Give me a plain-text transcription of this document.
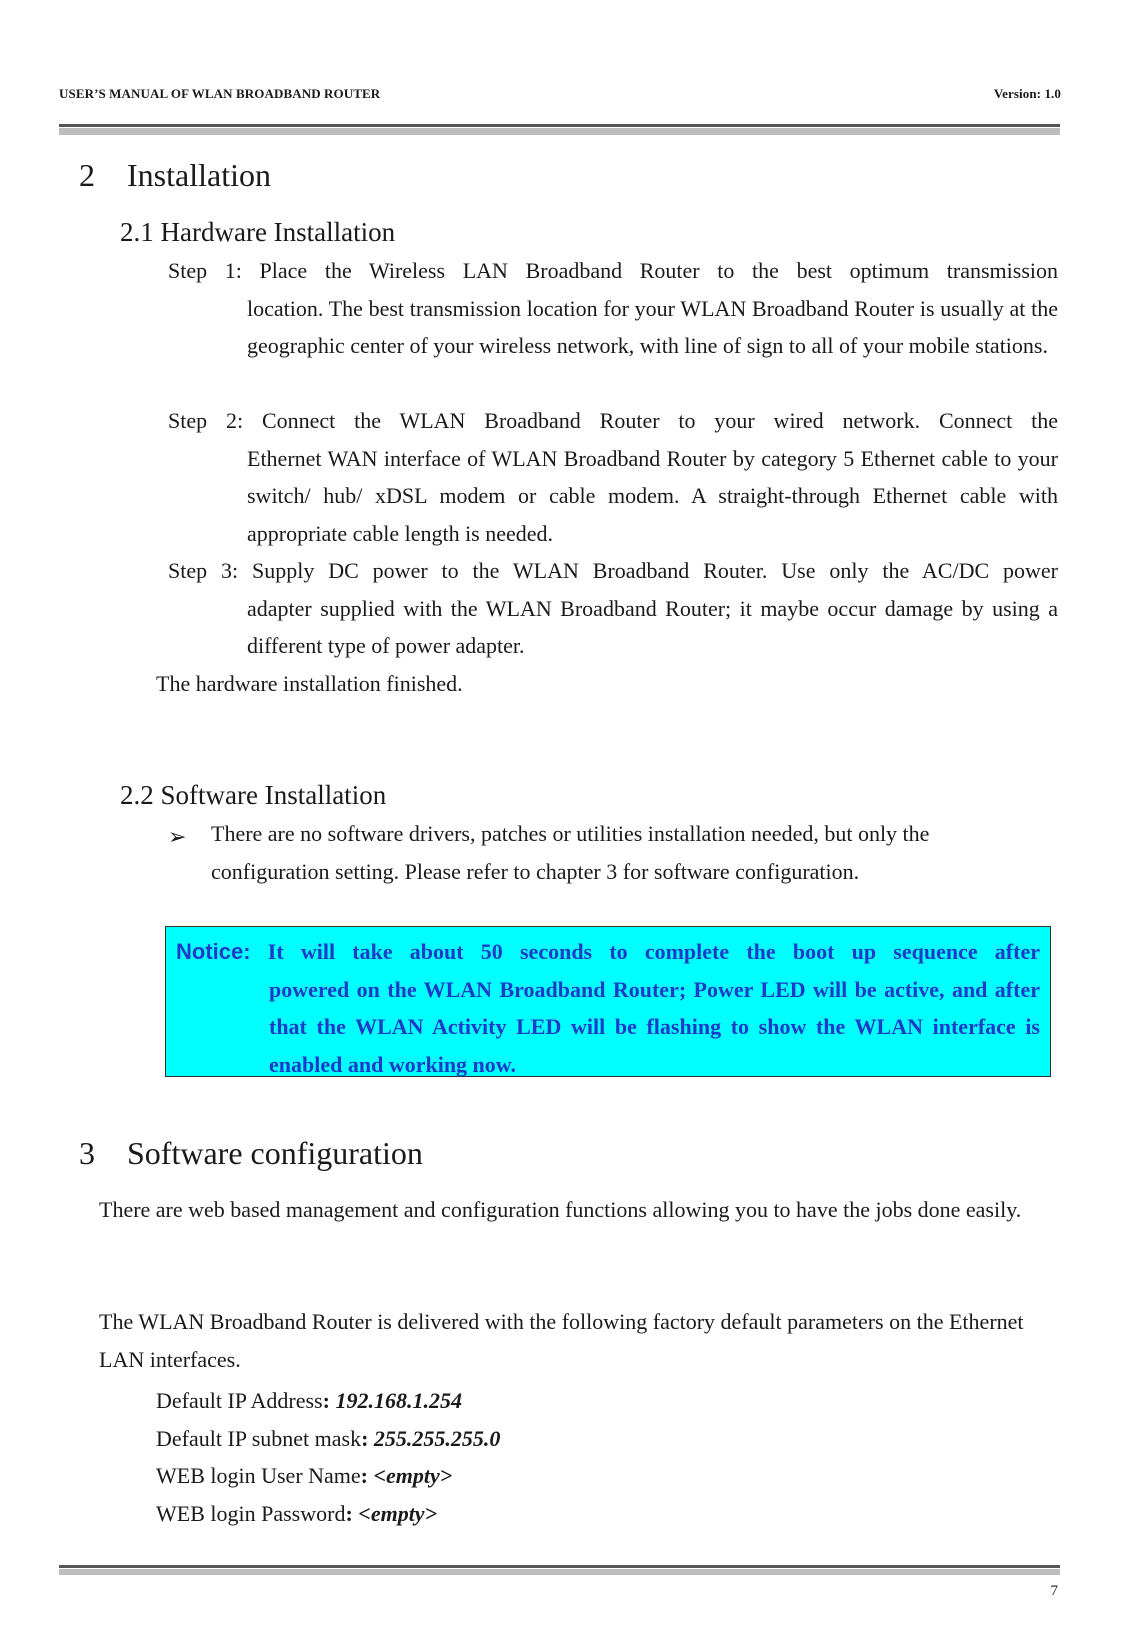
USER’S MANUAL OF WLAN BROADBAND ROUTER	Version: 1.0
2 Installation
2.1 Hardware Installation
Step 1: Place the Wireless LAN Broadband Router to the best optimum transmission
location. The best transmission location for your WLAN Broadband Router is usually at the geographic center of your wireless network, with line of sign to all of your mobile stations.
Step 2: Connect the WLAN Broadband Router to your wired network. Connect the
Ethernet WAN interface of WLAN Broadband Router by category 5 Ethernet cable to your switch/ hub/ xDSL modem or cable modem. A straight-through Ethernet cable with appropriate cable length is needed.
Step 3: Supply DC power to the WLAN Broadband Router. Use only the AC/DC power
adapter supplied with the WLAN Broadband Router; it maybe occur damage by using a different type of power adapter.
The hardware installation finished.
2.2 Software Installation
➢ There are no software drivers, patches or utilities installation needed, but only the configuration setting. Please refer to chapter 3 for software configuration.
Notice: It will take about 50 seconds to complete the boot up sequence after
powered on the WLAN Broadband Router; Power LED will be active, and after that the WLAN Activity LED will be flashing to show the WLAN interface is enabled and working now.
3 Software configuration
There are web based management and configuration functions allowing you to have the jobs done easily.
The WLAN Broadband Router is delivered with the following factory default parameters on the Ethernet LAN interfaces.
Default IP Address: 192.168.1.254
Default IP subnet mask: 255.255.255.0
WEB login User Name: <empty>
WEB login Password: <empty>
7
